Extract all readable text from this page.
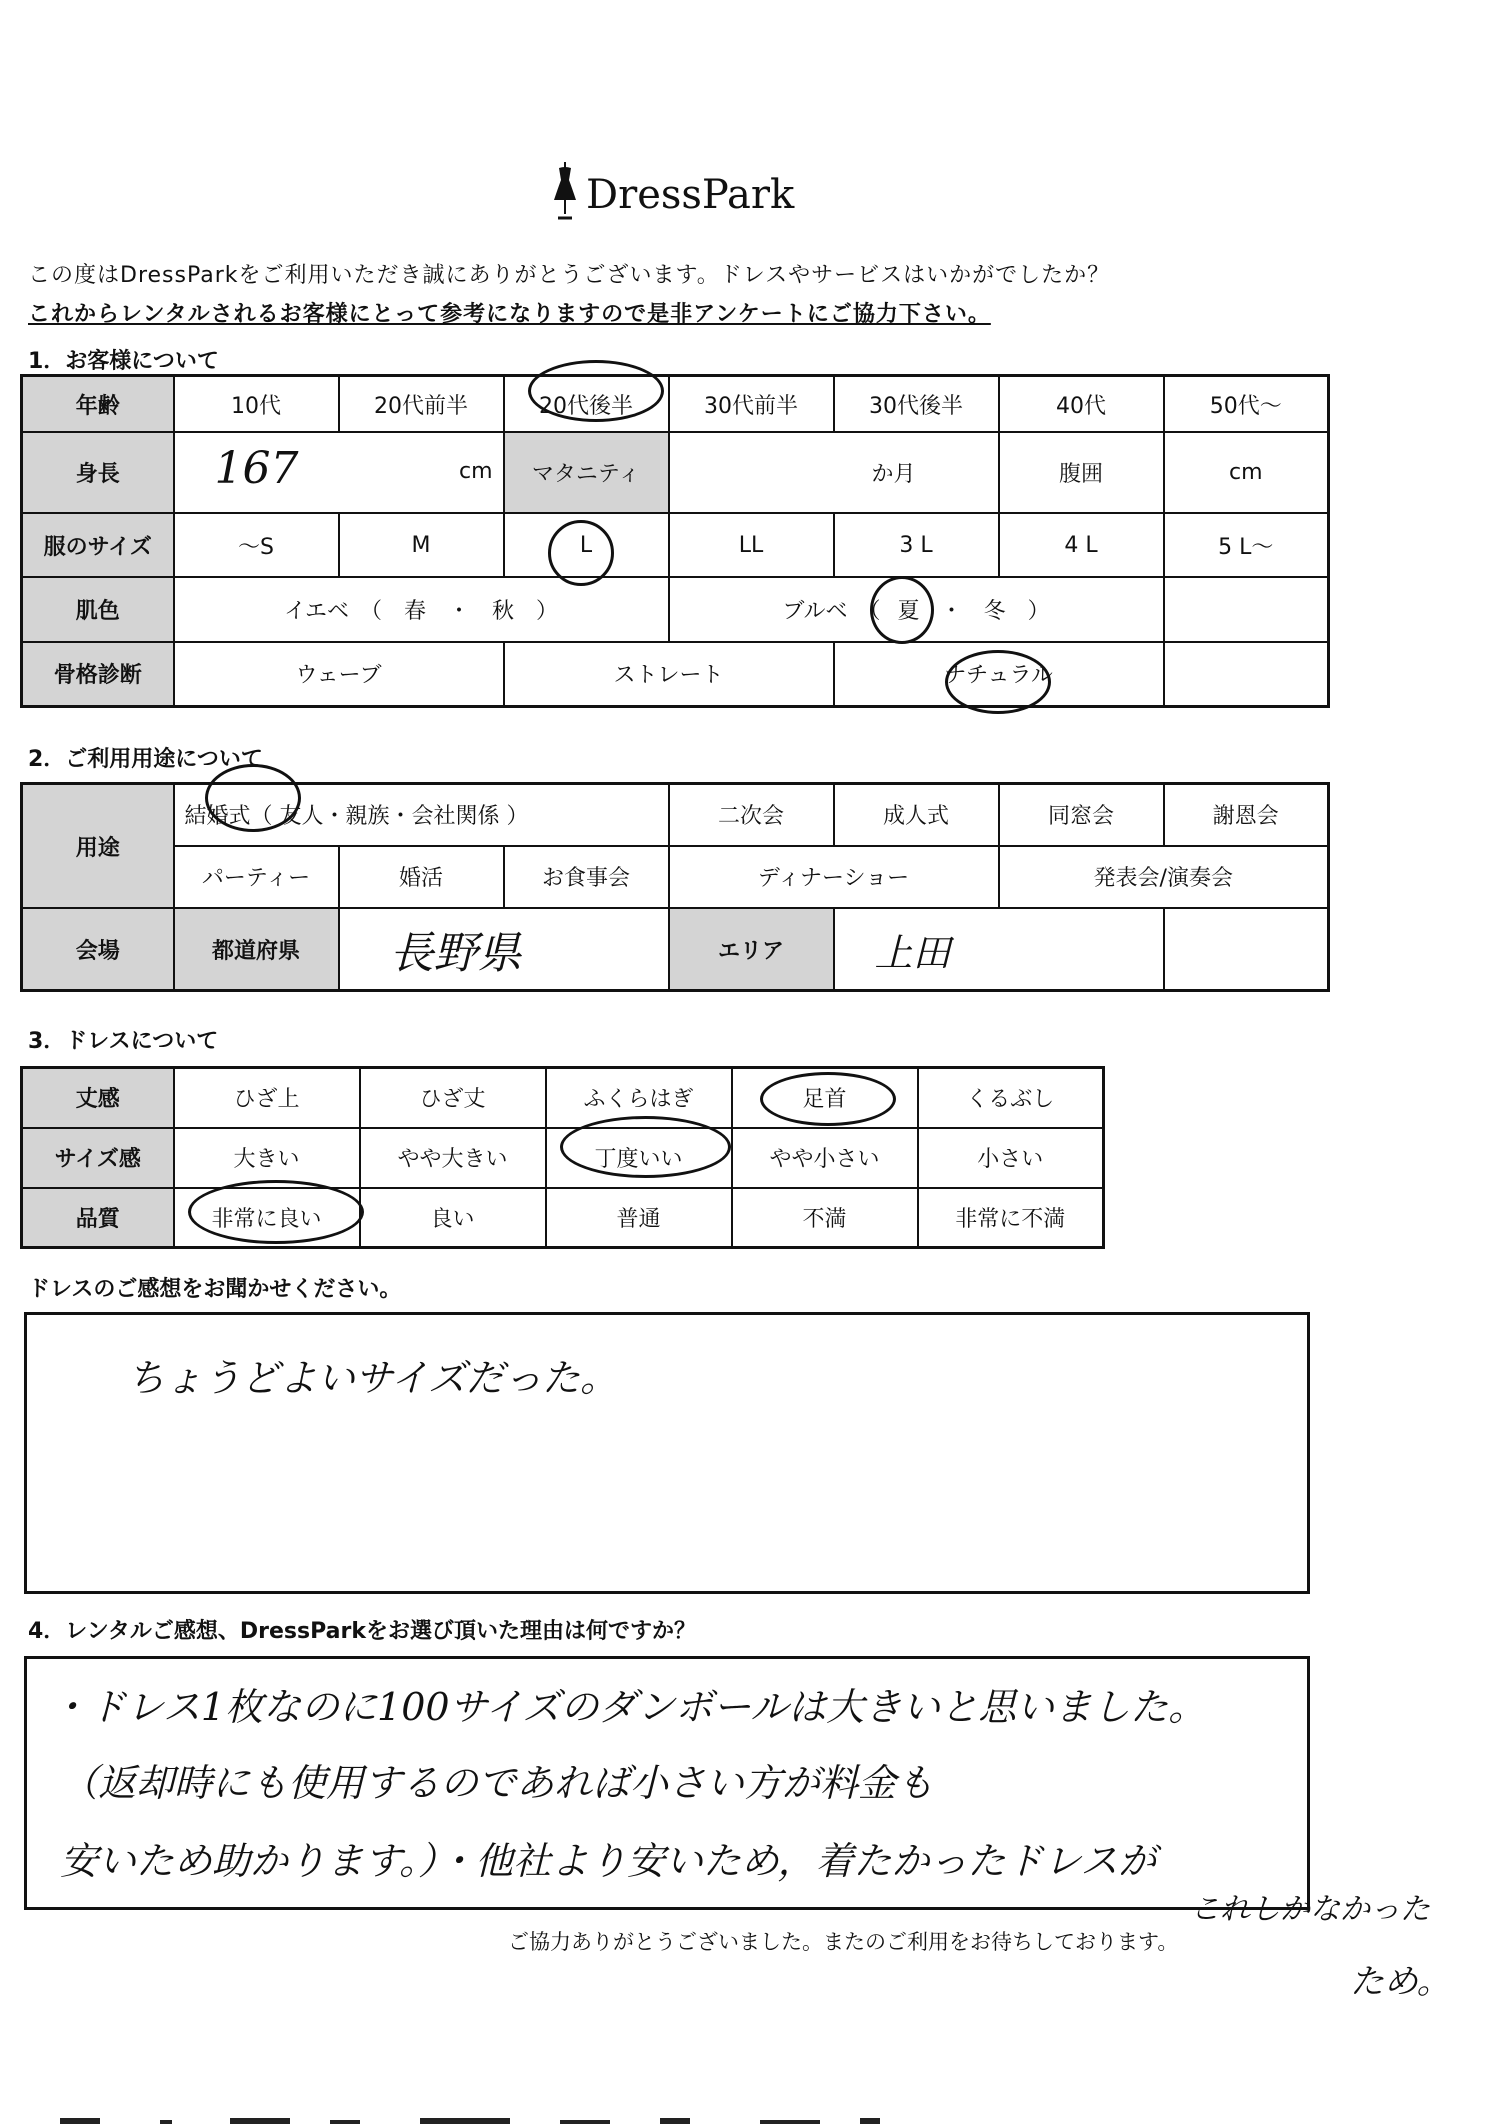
DressPark
この度はDressParkをご利用いただき誠にありがとうございます。ドレスやサービスはいかがでしたか？
これからレンタルされるお客様にとって参考になりますので是非アンケートにご協力下さい。
1．お客様について
年齢	10代	20代前半	20代後半	30代前半	30代後半	40代	50代〜
身長	167 cm		マタニティ	か月		腹囲	cm
服のサイズ	〜S	M	L	LL	3 L	4 L	5 L〜
肌色	イエベ　（　春　・　秋　）			ブルベ　（ 夏 ・ 冬　）			
骨格診断	ウェーブ		ストレート		ナチュラル		
2．ご利用用途について
用途	結婚式（ 友人・親族・会社関係 ）			二次会	成人式	同窓会	謝恩会
	パーティー	婚活	お食事会	ディナーショー		発表会/演奏会	
会場	都道府県	長野県		エリア	上田		
3．ドレスについて
丈感	ひざ上	ひざ丈	ふくらはぎ	足首	くるぶし
サイズ感	大きい	やや大きい	丁度いい	やや小さい	小さい
品質	非常に良い	良い	普通	不満	非常に不満
ドレスのご感想をお聞かせください。
ちょうどよいサイズだった。
4．レンタルご感想、DressParkをお選び頂いた理由は何ですか？
・ドレス1枚なのに100サイズのダンボールは大きいと思いました。
（返却時にも使用するのであれば小さい方が料金も
安いため助かります。）・他社より安いため，着たかったドレスが
これしかなかった
ため。
ご協力ありがとうございました。またのご利用をお待ちしております。
